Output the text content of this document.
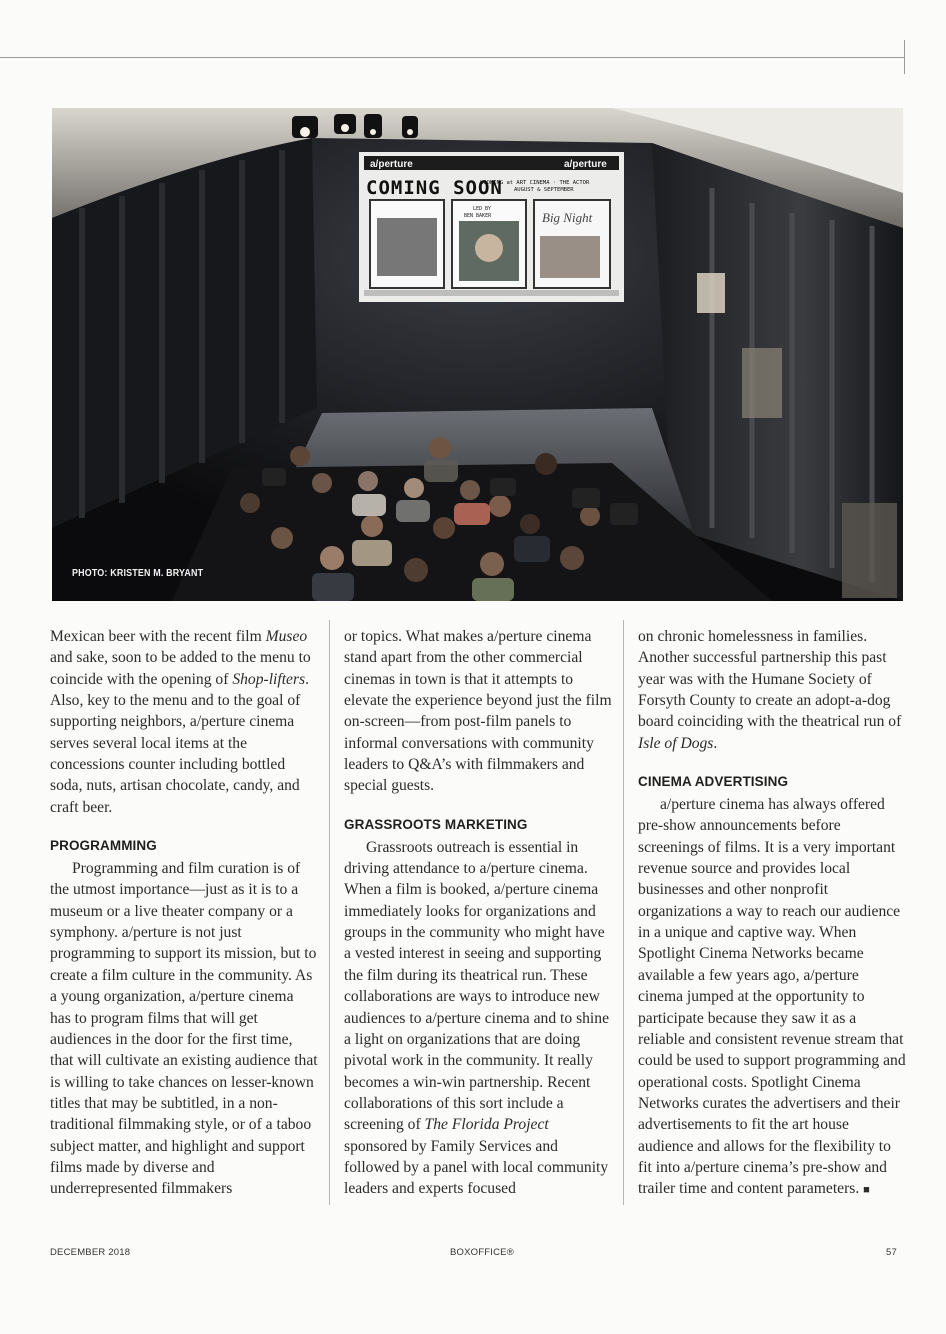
a/perture	a/perture
COMING SOON
LOOKING at ART CINEMA · THE ACTOR
AUGUST & SEPTEMBER
LED BY
BEN BAKER	Big Night
PHOTO: KRISTEN M. BRYANT

Mexican beer with the recent film Museo and sake, soon to be added to the menu to coincide with the opening of Shop-lifters. Also, key to the menu and to the goal of supporting neighbors, a/perture cinema serves several local items at the concessions counter including bottled soda, nuts, artisan chocolate, candy, and craft beer.

PROGRAMMING

Programming and film curation is of the utmost importance—just as it is to a museum or a live theater company or a symphony. a/perture is not just programming to support its mission, but to create a film culture in the community. As a young organization, a/perture cinema has to program films that will get audiences in the door for the first time, that will cultivate an existing audience that is willing to take chances on lesser-known titles that may be subtitled, in a non-traditional filmmaking style, or of a taboo subject matter, and highlight and support films made by diverse and underrepresented filmmakers

or topics. What makes a/perture cinema stand apart from the other commercial cinemas in town is that it attempts to elevate the experience beyond just the film on-screen—from post-film panels to informal conversations with community leaders to Q&A’s with filmmakers and special guests.

GRASSROOTS MARKETING

Grassroots outreach is essential in driving attendance to a/perture cinema. When a film is booked, a/perture cinema immediately looks for organizations and groups in the community who might have a vested interest in seeing and supporting the film during its theatrical run. These collaborations are ways to introduce new audiences to a/perture cinema and to shine a light on organizations that are doing pivotal work in the community. It really becomes a win-win partnership. Recent collaborations of this sort include a screening of The Florida Project sponsored by Family Services and followed by a panel with local community leaders and experts focused

on chronic homelessness in families. Another successful partnership this past year was with the Humane Society of Forsyth County to create an adopt-a-dog board coinciding with the theatrical run of Isle of Dogs.

CINEMA ADVERTISING

a/perture cinema has always offered pre-show announcements before screenings of films. It is a very important revenue source and provides local businesses and other nonprofit organizations a way to reach our audience in a unique and captive way. When Spotlight Cinema Networks became available a few years ago, a/perture cinema jumped at the opportunity to participate because they saw it as a reliable and consistent revenue stream that could be used to support programming and operational costs. Spotlight Cinema Networks curates the advertisers and their advertisements to fit the art house audience and allows for the flexibility to fit into a/perture cinema’s pre-show and trailer time and content parameters. ■

DECEMBER 2018	BOXOFFICE®	57
